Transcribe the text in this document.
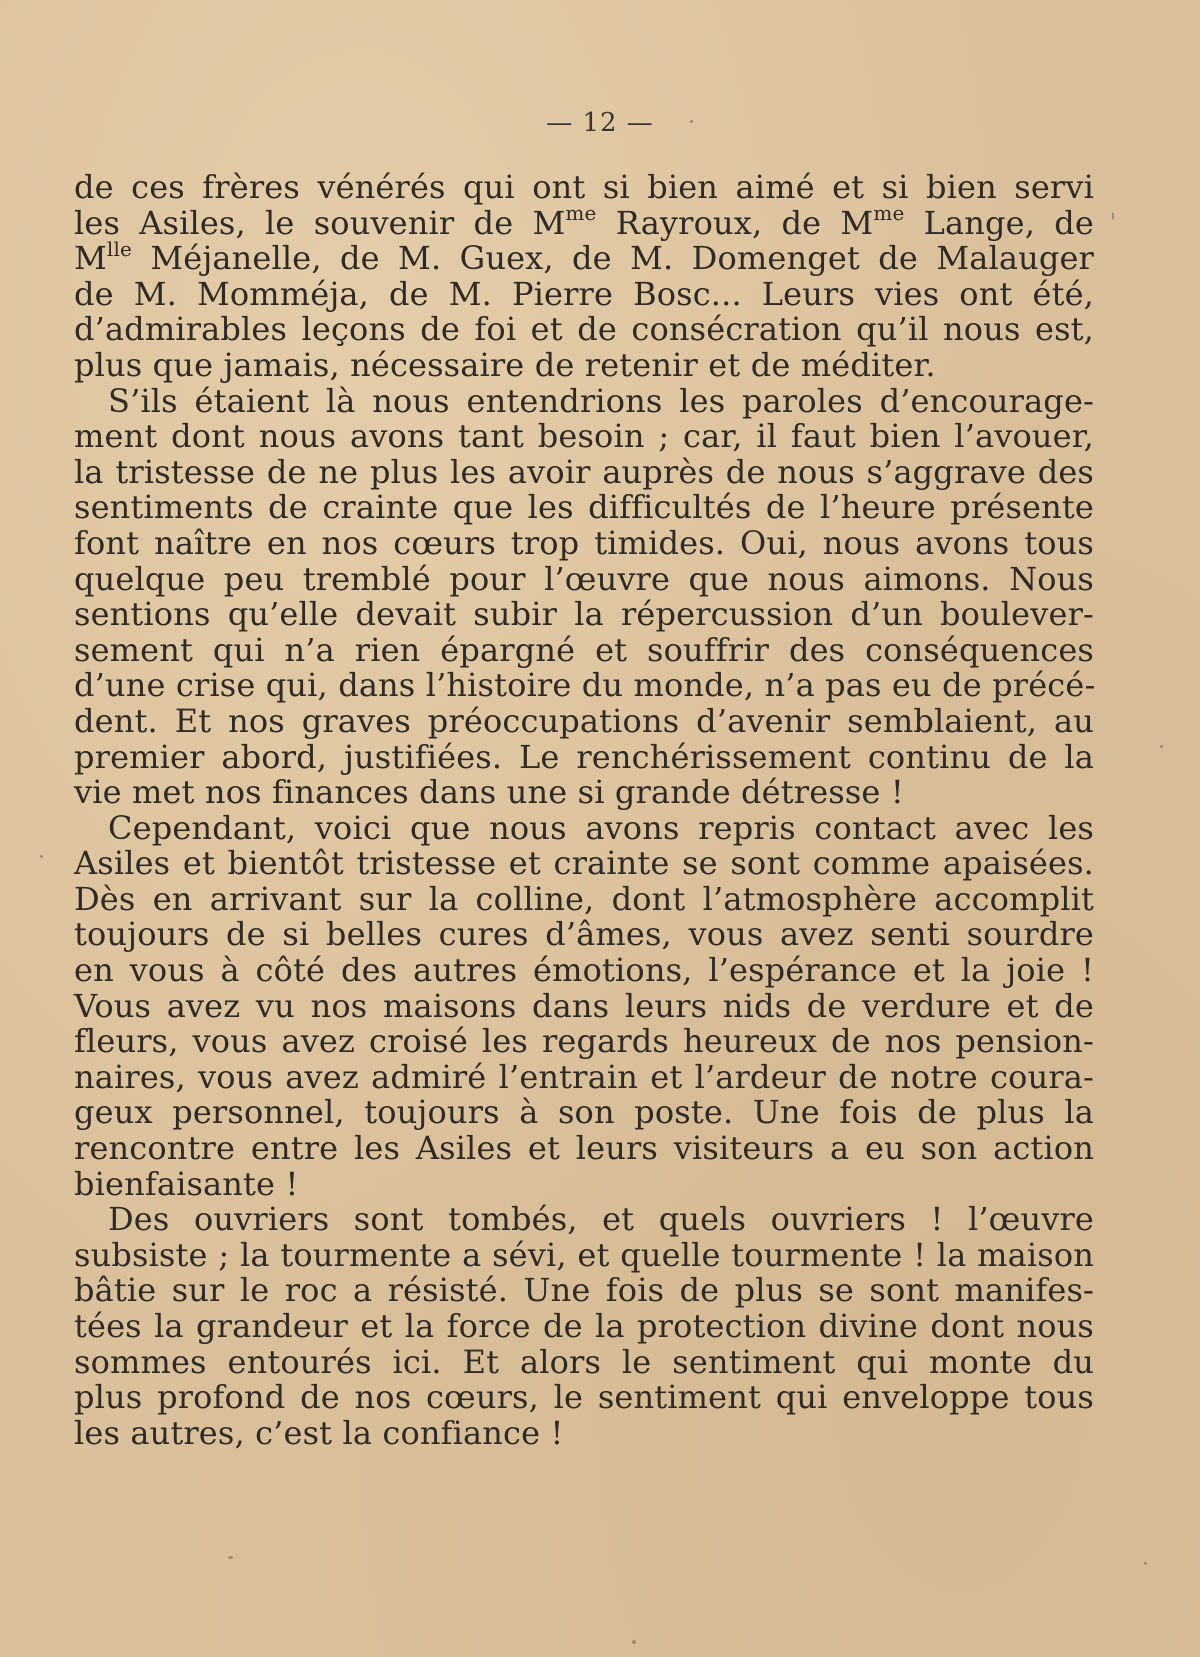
— 12 —
de ces frères vénérés qui ont si bien aimé et si bien servi
les Asiles, le souvenir de $M^{me}$ Rayroux, de $M^{me}$ Lange, de
$M^{lle}$ Méjanelle, de M. Guex, de M. Domenget de Malauger
de M. Momméja, de M. Pierre Bosc... Leurs vies ont été,
d’admirables leçons de foi et de consécration qu’il nous est,
plus que jamais, nécessaire de retenir et de méditer.
S’ils étaient là nous entendrions les paroles d’encourage-
ment dont nous avons tant besoin ; car, il faut bien l’avouer,
la tristesse de ne plus les avoir auprès de nous s’aggrave des
sentiments de crainte que les difficultés de l’heure présente
font naître en nos cœurs trop timides. Oui, nous avons tous
quelque peu tremblé pour l’œuvre que nous aimons. Nous
sentions qu’elle devait subir la répercussion d’un boulever-
sement qui n’a rien épargné et souffrir des conséquences
d’une crise qui, dans l’histoire du monde, n’a pas eu de précé-
dent. Et nos graves préoccupations d’avenir semblaient, au
premier abord, justifiées. Le renchérissement continu de la
vie met nos finances dans une si grande détresse !
Cependant, voici que nous avons repris contact avec les
Asiles et bientôt tristesse et crainte se sont comme apaisées.
Dès en arrivant sur la colline, dont l’atmosphère accomplit
toujours de si belles cures d’âmes, vous avez senti sourdre
en vous à côté des autres émotions, l’espérance et la joie !
Vous avez vu nos maisons dans leurs nids de verdure et de
fleurs, vous avez croisé les regards heureux de nos pension-
naires, vous avez admiré l’entrain et l’ardeur de notre coura-
geux personnel, toujours à son poste. Une fois de plus la
rencontre entre les Asiles et leurs visiteurs a eu son action
bienfaisante !
Des ouvriers sont tombés, et quels ouvriers ! l’œuvre
subsiste ; la tourmente a sévi, et quelle tourmente ! la maison
bâtie sur le roc a résisté. Une fois de plus se sont manifes-
tées la grandeur et la force de la protection divine dont nous
sommes entourés ici. Et alors le sentiment qui monte du
plus profond de nos cœurs, le sentiment qui enveloppe tous
les autres, c’est la confiance !
